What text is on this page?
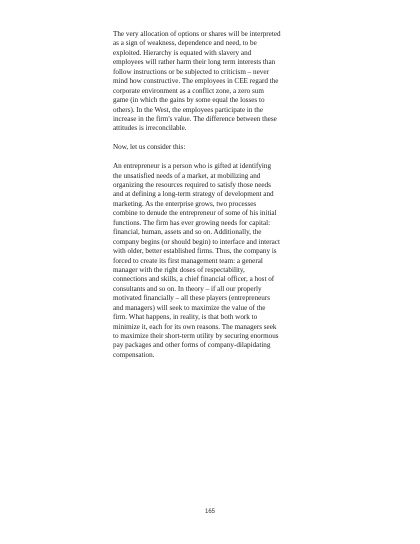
The very allocation of options or shares will be interpreted
as a sign of weakness, dependence and need, to be
exploited. Hierarchy is equated with slavery and
employees will rather harm their long term interests than
follow instructions or be subjected to criticism – never
mind how constructive. The employees in CEE regard the
corporate environment as a conflict zone, a zero sum
game (in which the gains by some equal the losses to
others). In the West, the employees participate in the
increase in the firm's value. The difference between these
attitudes is irreconcilable.
Now, let us consider this:
An entrepreneur is a person who is gifted at identifying
the unsatisfied needs of a market, at mobilizing and
organizing the resources required to satisfy those needs
and at defining a long-term strategy of development and
marketing. As the enterprise grows, two processes
combine to denude the entrepreneur of some of his initial
functions. The firm has ever growing needs for capital:
financial, human, assets and so on. Additionally, the
company begins (or should begin) to interface and interact
with older, better established firms. Thus, the company is
forced to create its first management team: a general
manager with the right doses of respectability,
connections and skills, a chief financial officer, a host of
consultants and so on. In theory – if all our properly
motivated financially – all these players (entrepreneurs
and managers) will seek to maximize the value of the
firm. What happens, in reality, is that both work to
minimize it, each for its own reasons. The managers seek
to maximize their short-term utility by securing enormous
pay packages and other forms of company-dilapidating
compensation.
165
